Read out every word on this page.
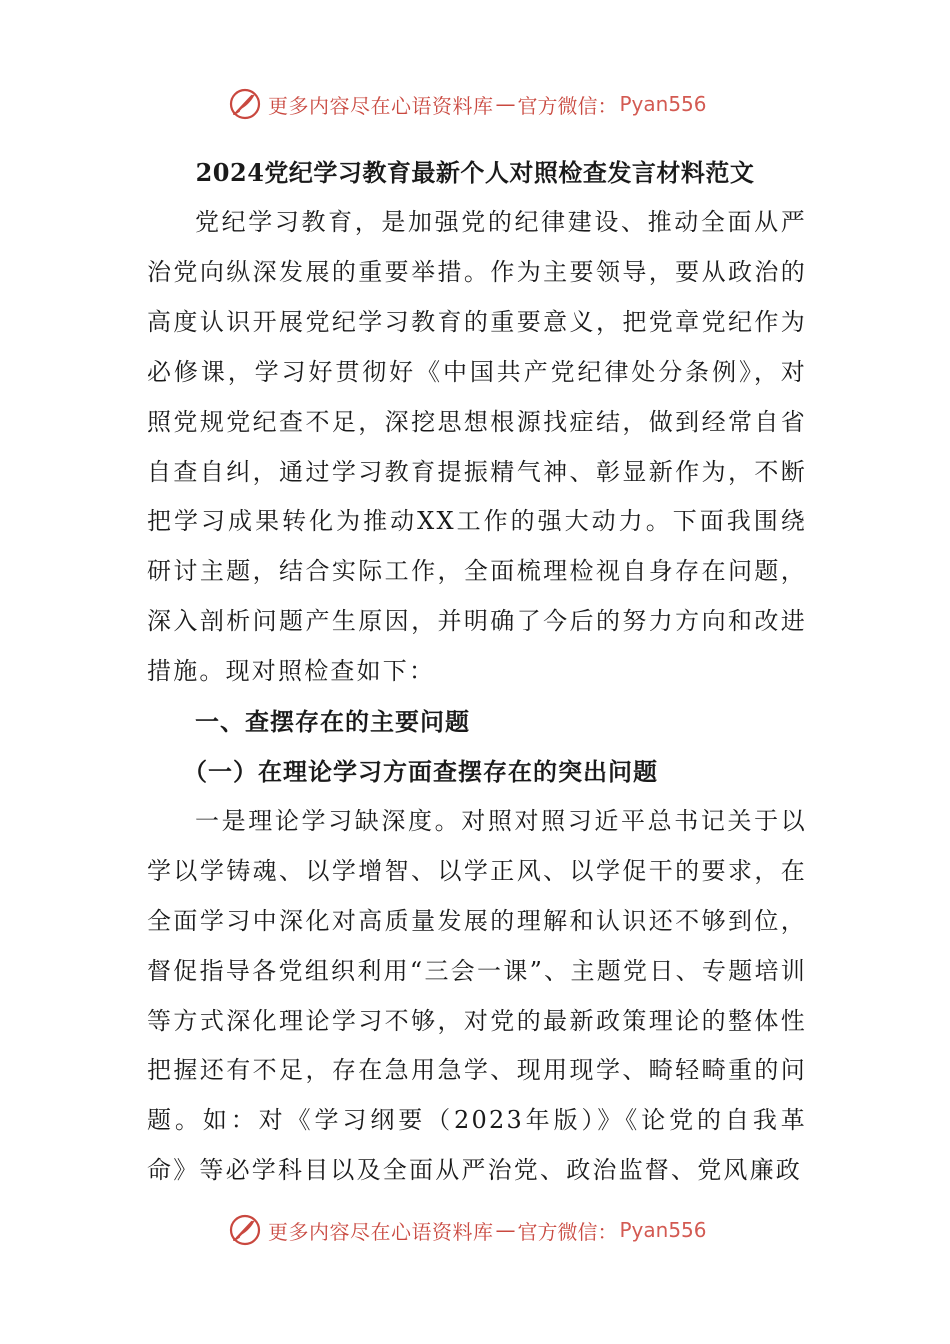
更多内容尽在心语资料库 — 官方微信： Pyan556
2024党纪学习教育最新个人对照检查发言材料范文

党纪学习教育，是加强党的纪律建设、推动全面从严治党向纵深发展的重要举措。作为主要领导，要从政治的高度认识开展党纪学习教育的重要意义，把党章党纪作为必修课，学习好贯彻好《中国共产党纪律处分条例》，对照党规党纪查不足，深挖思想根源找症结，做到经常自省自查自纠，通过学习教育提振精气神、彰显新作为，不断把学习成果转化为推动XX工作的强大动力。下面我围绕研讨主题，结合实际工作，全面梳理检视自身存在问题，深入剖析问题产生原因，并明确了今后的努力方向和改进措施。现对照检查如下：

一、查摆存在的主要问题
（一）在理论学习方面查摆存在的突出问题

一是理论学习缺深度。对照对照习近平总书记关于以学以学铸魂、以学增智、以学正风、以学促干的要求，在全面学习中深化对高质量发展的理解和认识还不够到位，督促指导各党组织利用“三会一课”、主题党日、专题培训等方式深化理论学习不够，对党的最新政策理论的整体性把握还有不足，存在急用急学、现用现学、畸轻畸重的问题。如：对《学习纲要（2023年版）》《论党的自我革命》等必学科目以及全面从严治党、政治监督、党风廉政

更多内容尽在心语资料库 — 官方微信： Pyan556
